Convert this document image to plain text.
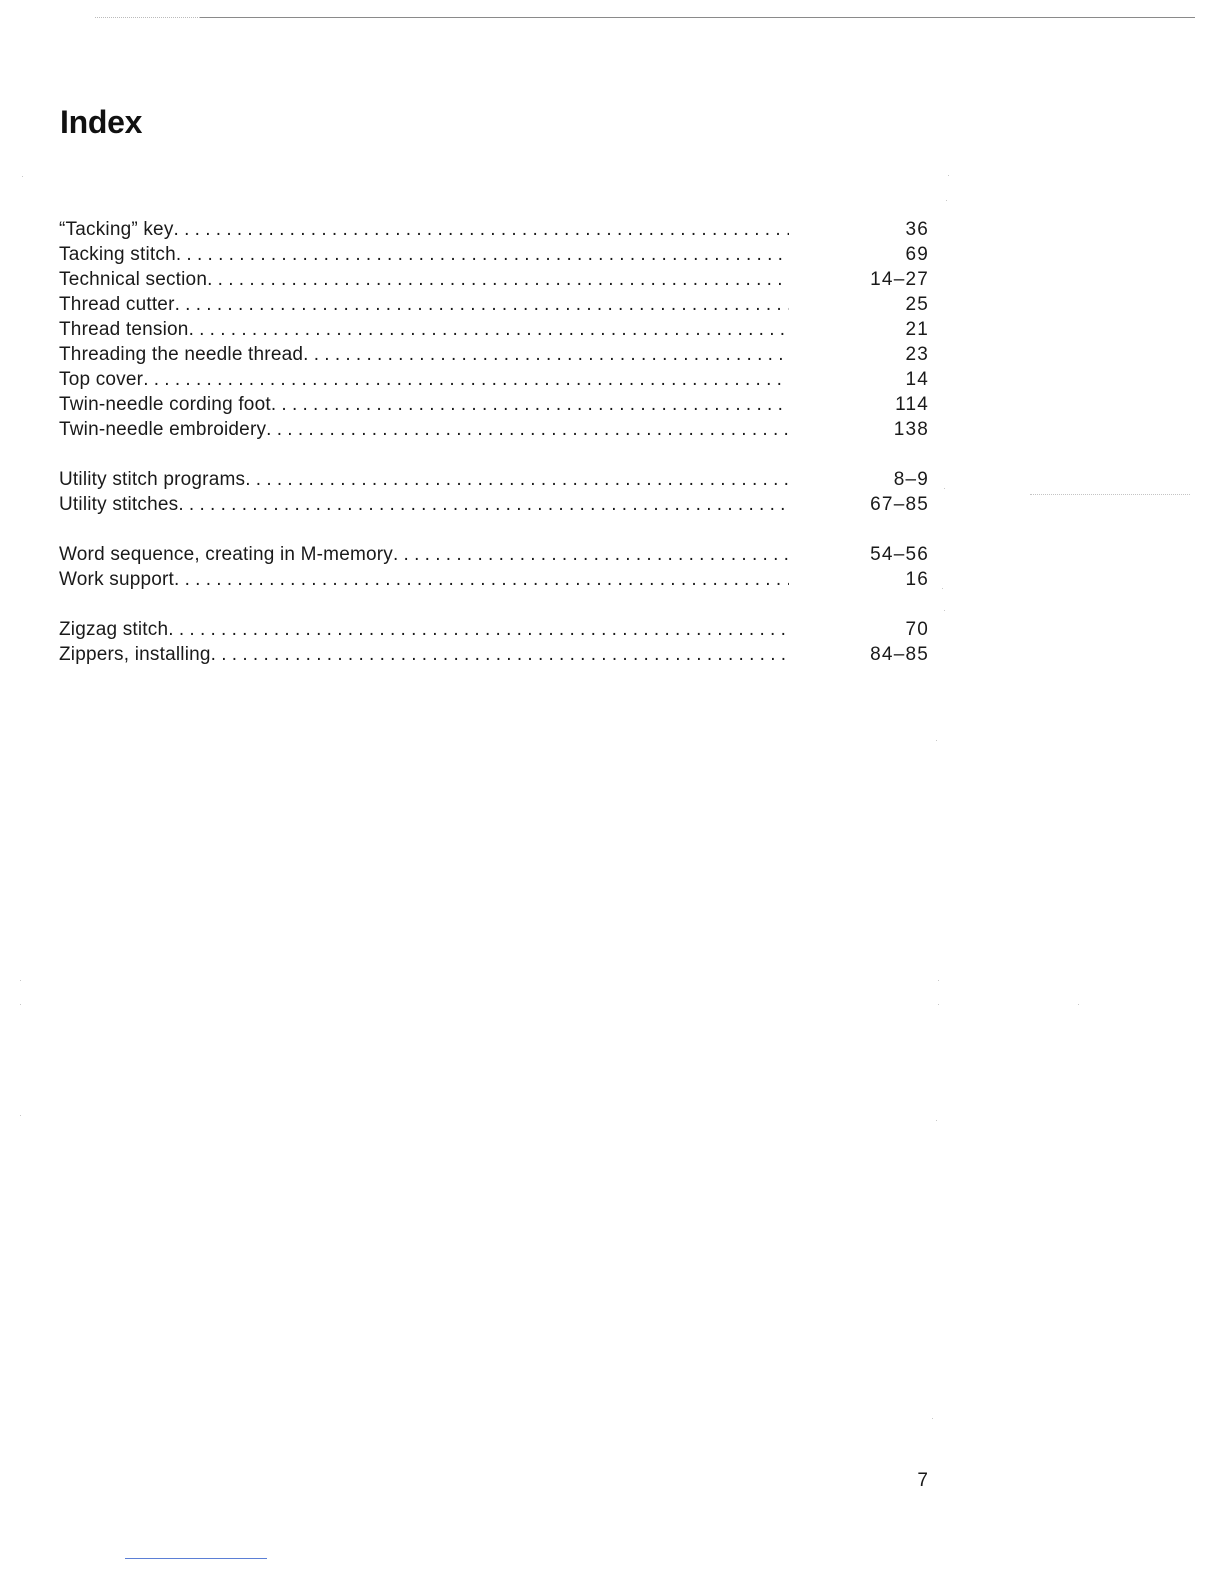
Index
“Tacking” key . . .	36
Tacking stitch . . .	69
Technical section . . .	14–27
Thread cutter . . .	25
Thread tension . . .	21
Threading the needle thread . . .	23
Top cover . . .	14
Twin-needle cording foot . . .	114
Twin-needle embroidery . . .	138
Utility stitch programs . . .	8–9
Utility stitches . . .	67–85
Word sequence, creating in M-memory . . .	54–56
Work support . . .	16
Zigzag stitch . . .	70
Zippers, installing . . .	84–85
7
